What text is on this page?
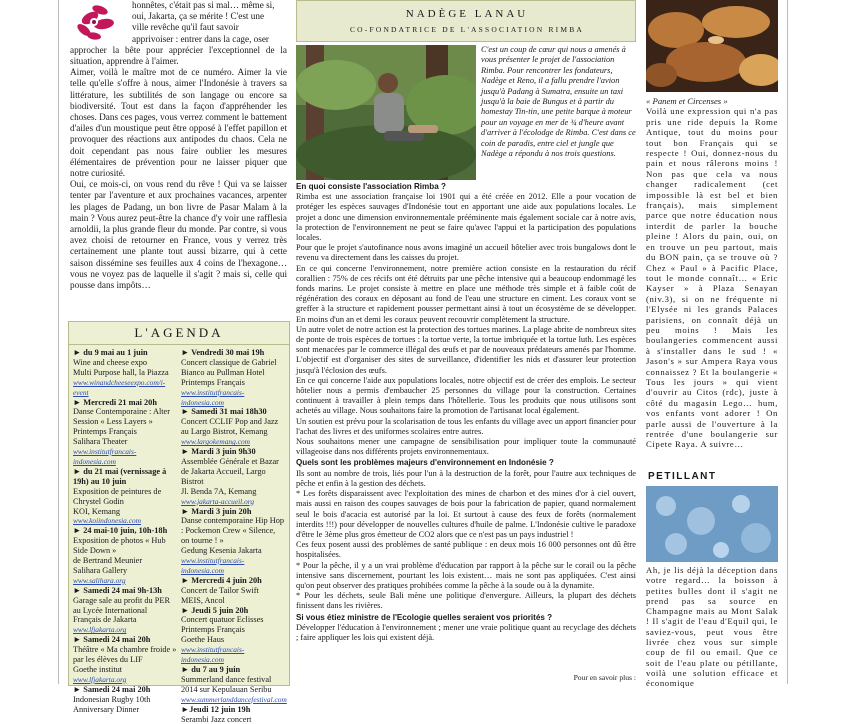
honnêtes, c'était pas si mal… même si,
oui, Jakarta, ça se mérite ! C'est une
ville revêche qu'il faut savoir
apprivoiser : entrer dans la cage, oser

approcher la bête pour apprécier l'exceptionnel de la situation, apprendre à l'aimer.

Aimer, voilà le maître mot de ce numéro. Aimer la vie telle qu'elle s'offre à nous, aimer l'Indonésie à travers sa littérature, les subtilités de son langage ou encore sa biodiversité. Tout est dans la façon d'appréhender les choses. Dans ces pages, vous verrez comment le battement d'ailes d'un moustique peut être opposé à l'effet papillon et provoquer des réactions aux antipodes du chaos. Cela ne doit cependant pas nous faire oublier les mesures élémentaires de prévention pour ne laisser piquer que notre curiosité.

Oui, ce mois-ci, on vous rend du rêve ! Qui va se laisser tenter par l'aventure et aux prochaines vacances, arpenter les plages de Padang, un bon livre de Pasar Malam à la main ? Vous aurez peut-être la chance d'y voir une rafflesia arnoldii, la plus grande fleur du monde. Par contre, si vous avez choisi de retourner en France, vous y verrez très certainement une plante tout aussi bizarre, qui à cette saison dissémine ses feuilles aux 4 coins de l'hexagone… vous ne voyez pas de laquelle il s'agit ? mais si, celle qui pousse dans impôts…

L'AGENDA
► du 9 mai au 1 juin
Wine and cheese expo
Multi Purpose hall, la Piazza
www.winandcheeseexpo.com/i-event
► Mercredi 21 mai 20h
Danse Contemporaine : Alter Session « Less Layers »
Printemps Français
Salihara Theater
www.institutfrancais-indonesia.com
► du 21 mai (vernissage à 19h) au 10 juin
Exposition de peintures de Chrystel Godin
KOI, Kemang
www.koiindonesia.com
► 24 mai-10 juin, 10h-18h
Exposition de photos « Hub Side Down »
de Bertrand Meunier
Salihara Gallery
www.salihara.org
► Samedi 24 mai 9h-13h
Garage sale au profit du PER au Lycée International Français de Jakarta
www.lfjakarta.org
► Samedi 24 mai 20h
Théâtre « Ma chambre froide »
par les élèves du LIF
Goethe institut
www.lfjakarta.org
► Samedi 24 mai 20h
Indonesian Rugby 10th Anniversary Dinner
► Vendredi 30 mai 19h
Concert classique de Gabriel Bianco au Pullman Hotel
Printemps Français
www.institutfrancais-indonesia.com
► Samedi 31 mai 18h30
Concert CCLIF Pop and Jazz au Largo Bistrot, Kemang
www.largokemang.com
► Mardi 3 juin 9h30
Assemblée Générale et Bazar de Jakarta Accueil, Largo Bistrot
Jl. Benda 7A, Kemang
www.jakarta-accueil.org
► Mardi 3 juin 20h
Danse contemporaine Hip Hop : Pockemon Crew « Silence, on tourne ! »
Gedung Kesenia Jakarta
www.institutfrancais-indonesia.com
► Mercredi 4 juin 20h
Concert de Tailor Swift
MEIS, Ancol
► Jeudi 5 juin 20h
Concert quatuor Eclisses
Printemps Français
Goethe Haus
www.institutfrancais-indonesia.com
► du 7 au 9 juin
Summerland dance festival 2014 sur Kepulauan Seribu
www.summerlanddancefestival.com
►Jeudi 12 juin 19h
Serambi Jazz concert
NADÈGE LANAU
CO-FONDATRICE DE L'ASSOCIATION RIMBA
C'est un coup de cœur qui nous a amenés à vous présenter le projet de l'association Rimba. Pour rencontrer les fondateurs, Nadège et Reno, il a fallu prendre l'avion jusqu'à Padang à Sumatra, ensuite un taxi jusqu'à la baie de Bungus et à partir du homestay Tin-tin, une petite barque à moteur pour un voyage en mer de ¾ d'heure avant d'arriver à l'écolodge de Rimba. C'est dans ce coin de paradis, entre ciel et jungle que Nadège a répondu à nos trois questions.

En quoi consiste l'association Rimba ?

Rimba est une association française loi 1901 qui a été créée en 2012. Elle a pour vocation de protéger les espèces sauvages d'Indonésie tout en apportant une aide aux populations locales. Le projet a donc une dimension environnementale prééminente mais également sociale car à notre avis, la protection de l'environnement ne peut se faire qu'avec l'appui et la participation des populations locales.

Pour que le projet s'autofinance nous avons imaginé un accueil hôtelier avec trois bungalows dont le revenu va directement dans les caisses du projet.

En ce qui concerne l'environnement, notre première action consiste en la restauration du récif corallien : 75% de ces récifs ont été détruits par une pêche intensive qui a beaucoup endommagé les fonds marins. Le projet consiste à mettre en place une méthode très simple et à faible coût de régénération des coraux en déposant au fond de l'eau une structure en ciment. Les coraux vont se greffer à la structure et rapidement pousser permettant ainsi à tout un écosystème de se développer. En moins d'un an et demi les coraux peuvent recouvrir complètement la structure.

Un autre volet de notre action est la protection des tortues marines. La plage abrite de nombreux sites de ponte de trois espèces de tortues : la tortue verte, la tortue imbriquée et la tortue luth. Les espèces sont menacées par le commerce illégal des œufs et par de nouveaux prédateurs amenés par l'homme. L'objectif est d'organiser des sites de surveillance, d'identifier les nids et d'assurer leur protection jusqu'à l'éclosion des œufs.

En ce qui concerne l'aide aux populations locales, notre objectif est de créer des emplois. Le secteur hôtelier nous a permis d'embaucher 25 personnes du village pour la construction. Certaines continuent à travailler à plein temps dans l'hôtellerie. Tous les produits que nous utilisons sont achetés au village. Nous souhaitons faire la promotion de l'artisanat local également.

Un soutien est prévu pour la scolarisation de tous les enfants du village avec un apport financier pour l'achat des livres et des uniformes scolaires entre autres.

Nous souhaitons mener une campagne de sensibilisation pour impliquer toute la communauté villageoise dans nos différents projets environnementaux.

Quels sont les problèmes majeurs d'environnement en Indonésie ?

Ils sont au nombre de trois, liés pour l'un à la destruction de la forêt, pour l'autre aux techniques de pêche et enfin à la gestion des déchets.

* Les forêts disparaissent avec l'exploitation des mines de charbon et des mines d'or à ciel ouvert, mais aussi en raison des coupes sauvages de bois pour la fabrication de papier, quand normalement seul le bois d'acacia est autorisé par la loi. Et surtout à cause des feux de forêts (normalement interdits !!!) pour développer de nouvelles cultures d'huile de palme. L'Indonésie cultive le paradoxe d'être le 3ème plus gros émetteur de CO2 alors que ce n'est pas un pays industriel !

Ces feux posent aussi des problèmes de santé publique : en deux mois 16 000 personnes ont dû être hospitalisées.

* Pour la pêche, il y a un vrai problème d'éducation par rapport à la pêche sur le corail ou la pêche intensive sans discernement, pourtant les lois existent… mais ne sont pas appliquées. C'est ainsi qu'on peut observer des pratiques prohibées comme la pêche à la soude ou à la dynamite.

* Pour les déchets, seule Bali mène une politique d'envergure. Ailleurs, la plupart des déchets finissent dans les rivières.

Si vous étiez ministre de l'Ecologie quelles seraient vos priorités ?

Développer l'éducation à l'environnement ; mener une vraie politique quant au recyclage des déchets ; faire appliquer les lois qui existent déjà.

Pour en savoir plus :

« Panem et Circenses »

Voilà une expression qui n'a pas pris une ride depuis la Rome Antique, tout du moins pour tout bon Français qui se respecte ! Oui, donnez-nous du pain et nous râlerons moins ! Non pas que cela va nous changer radicalement (cet impossible là est bel et bien français), mais simplement parce que notre éducation nous interdit de parler la bouche pleine ! Alors du pain, oui, on en trouve un peu partout, mais du BON pain, ça se trouve où ? Chez « Paul » à Pacific Place, tout le monde connaît… « Eric Kayser » à Plaza Senayan (niv.3), si on ne fréquente ni l'Elysée ni les grands Palaces parisiens, on connaît déjà un peu moins ! Mais les boulangeries commencent aussi à s'installer dans le sud ! « Jason's » sur Ampera Raya vous connaissez ? Et la boulangerie « Tous les jours » qui vient d'ouvrir au Citos (rdc), juste à côté du magasin Lego… hum, vos enfants vont adorer ! On parle aussi de l'ouverture à la rentrée d'une boulangerie sur Cipete Raya. A suivre…

PETILLANT

Ah, je lis déjà la déception dans votre regard… la boisson à petites bulles dont il s'agit ne prend pas sa source en Champagne mais au Mont Salak ! Il s'agit de l'eau d'Equil qui, le saviez-vous, peut vous être livrée chez vous sur simple coup de fil ou email. Que ce soit de l'eau plate ou pétillante, voilà une solution efficace et économique
